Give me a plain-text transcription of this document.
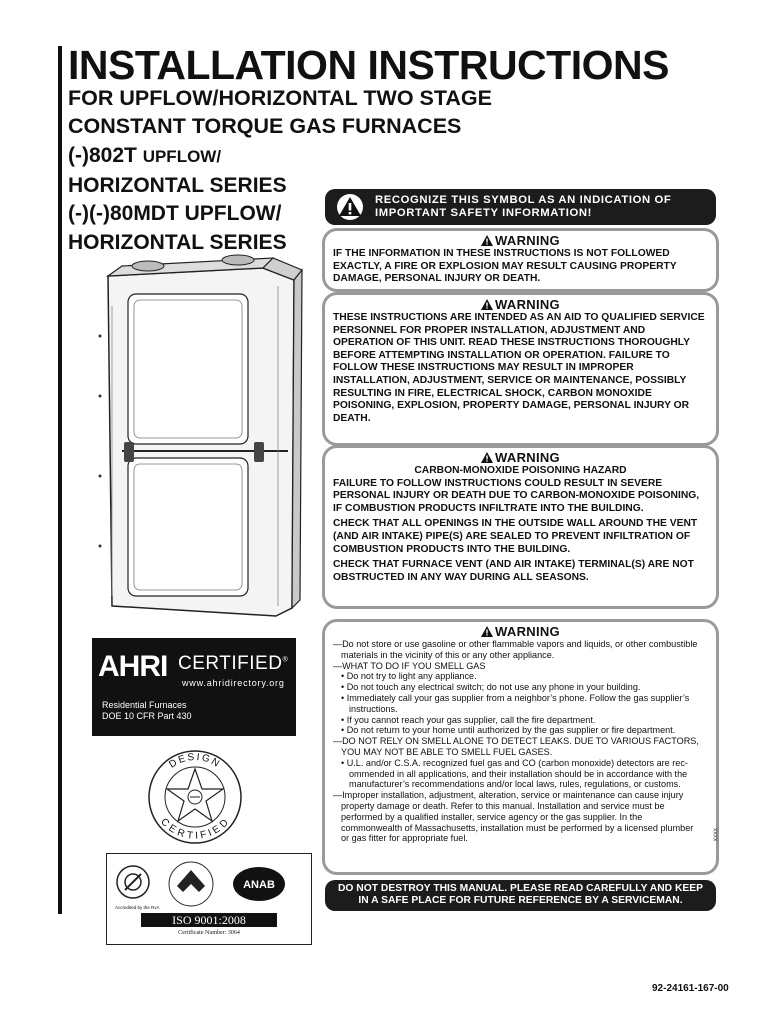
INSTALLATION INSTRUCTIONS
FOR UPFLOW/HORIZONTAL TWO STAGE
CONSTANT TORQUE GAS FURNACES
(-)802T UPFLOW/
HORIZONTAL SERIES
(-)(-)80MDT UPFLOW/
HORIZONTAL SERIES
RECOGNIZE THIS SYMBOL AS AN INDICATION OF IMPORTANT SAFETY INFORMATION!
WARNING

IF THE INFORMATION IN THESE INSTRUCTIONS IS NOT FOLLOWED EXACTLY, A FIRE OR EXPLOSION MAY RESULT CAUSING PROPERTY DAMAGE, PERSONAL INJURY OR DEATH.

WARNING

THESE INSTRUCTIONS ARE INTENDED AS AN AID TO QUALIFIED SERVICE PERSONNEL FOR PROPER INSTALLATION, ADJUSTMENT AND OPERATION OF THIS UNIT. READ THESE INSTRUCTIONS THOROUGHLY BEFORE ATTEMPTING INSTALLATION OR OPERATION. FAILURE TO FOLLOW THESE INSTRUCTIONS MAY RESULT IN IMPROPER INSTALLATION, ADJUSTMENT, SERVICE OR MAINTENANCE, POSSIBLY RESULTING IN FIRE, ELECTRICAL SHOCK, CARBON MONOXIDE POISONING, EXPLOSION, PROPERTY DAMAGE, PERSONAL INJURY OR DEATH.

WARNING

CARBON-MONOXIDE POISONING HAZARD

FAILURE TO FOLLOW INSTRUCTIONS COULD RESULT IN SEVERE PERSONAL INJURY OR DEATH DUE TO CARBON-MONOXIDE POISONING, IF COMBUSTION PRODUCTS INFILTRATE INTO THE BUILDING.

CHECK THAT ALL OPENINGS IN THE OUTSIDE WALL AROUND THE VENT (AND AIR INTAKE) PIPE(S) ARE SEALED TO PREVENT INFILTRATION OF COMBUSTION PRODUCTS INTO THE BUILDING.

CHECK THAT FURNACE VENT (AND AIR INTAKE) TERMINAL(S) ARE NOT OBSTRUCTED IN ANY WAY DURING ALL SEASONS.

WARNING
—Do not store or use gasoline or other flammable vapors and liquids, or other combustible
materials in the vicinity of this or any other appliance.
—WHAT TO DO IF YOU SMELL GAS
• Do not try to light any appliance.
• Do not touch any electrical switch; do not use any phone in your building.
• Immediately call your gas supplier from a neighbor’s phone. Follow the gas supplier’s
instructions.
• If you cannot reach your gas supplier, call the fire department.
• Do not return to your home until authorized by the gas supplier or fire department.
—DO NOT RELY ON SMELL ALONE TO DETECT LEAKS. DUE TO VARIOUS FACTORS,
YOU MAY NOT BE ABLE TO SMELL FUEL GASES.
• U.L. and/or C.S.A. recognized fuel gas and CO (carbon monoxide) detectors are rec-
ommended in all applications, and their installation should be in accordance with the
manufacturer’s recommendations and/or local laws, rules, regulations, or customs.
—Improper installation, adjustment, alteration, service or maintenance can cause injury
property damage or death. Refer to this manual. Installation and service must be
performed by a qualified installer, service agency or the gas supplier. In the
commonwealth of Massachusetts, installation must be performed by a licensed plumber
or gas fitter for appropriate fuel.	XXXX
DO NOT DESTROY THIS MANUAL. PLEASE READ CAREFULLY AND KEEP
IN A SAFE PLACE FOR FUTURE REFERENCE BY A SERVICEMAN.
AHRI CERTIFIED®
www.ahridirectory.org
Residential Furnaces
DOE 10 CFR Part 430
DESIGN
CERTIFIED
ANAB
Accredited by the RvA
ISO 9001:2008
Certificate Number: 3064
92-24161-167-00
